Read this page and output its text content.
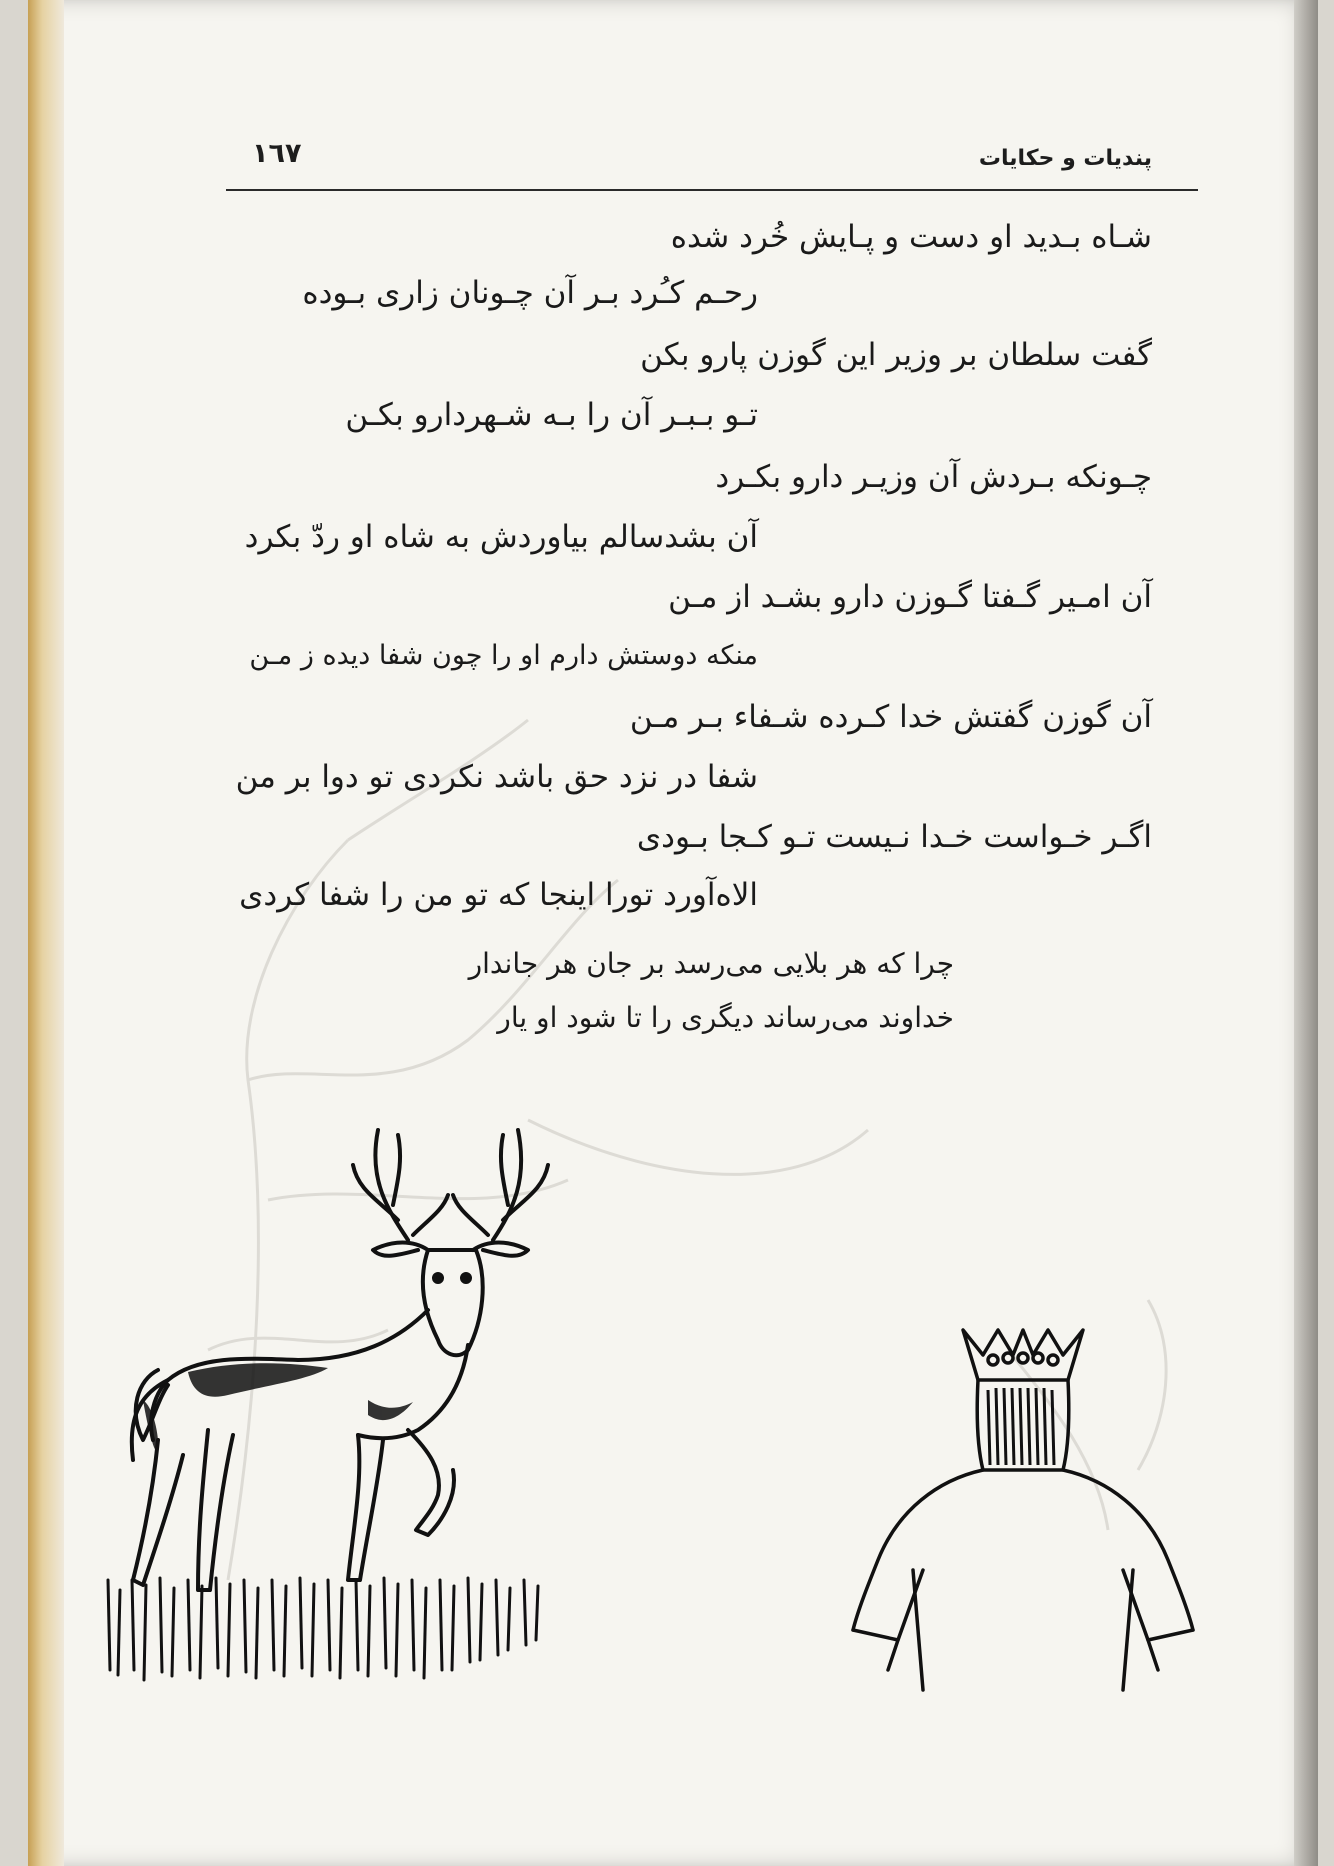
١٦٧	پندیات و حکایات
شـاه بـدید او دست و پـایش خُرد شده
رحـم کـُرد بـر آن چـونان زاری بـوده
گفت سلطان بر وزیر این گوزن پارو بکن
تـو بـبـر آن را بـه شـهردارو بکـن
چـونکه بـردش آن وزیـر دارو بکـرد
آن بشدسالم بیاوردش به شاه او ردّ بکرد
آن امـیر گـفتا گـوزن دارو بشـد از مـن
منکه دوستش دارم او را چون شفا دیده ز مـن
آن گوزن گفتش خدا کـرده شـفاء بـر مـن
شفا در نزد حق باشد نکردی تو دوا بر من
اگـر خـواست خـدا نـیست تـو کـجا بـودی
الاه‌آورد تورا اینجا که تو من را شفا کردی
چرا که هر بلایی می‌رسد بر جان هر جاندار
خداوند می‌رساند دیگری را تا شود او یار
